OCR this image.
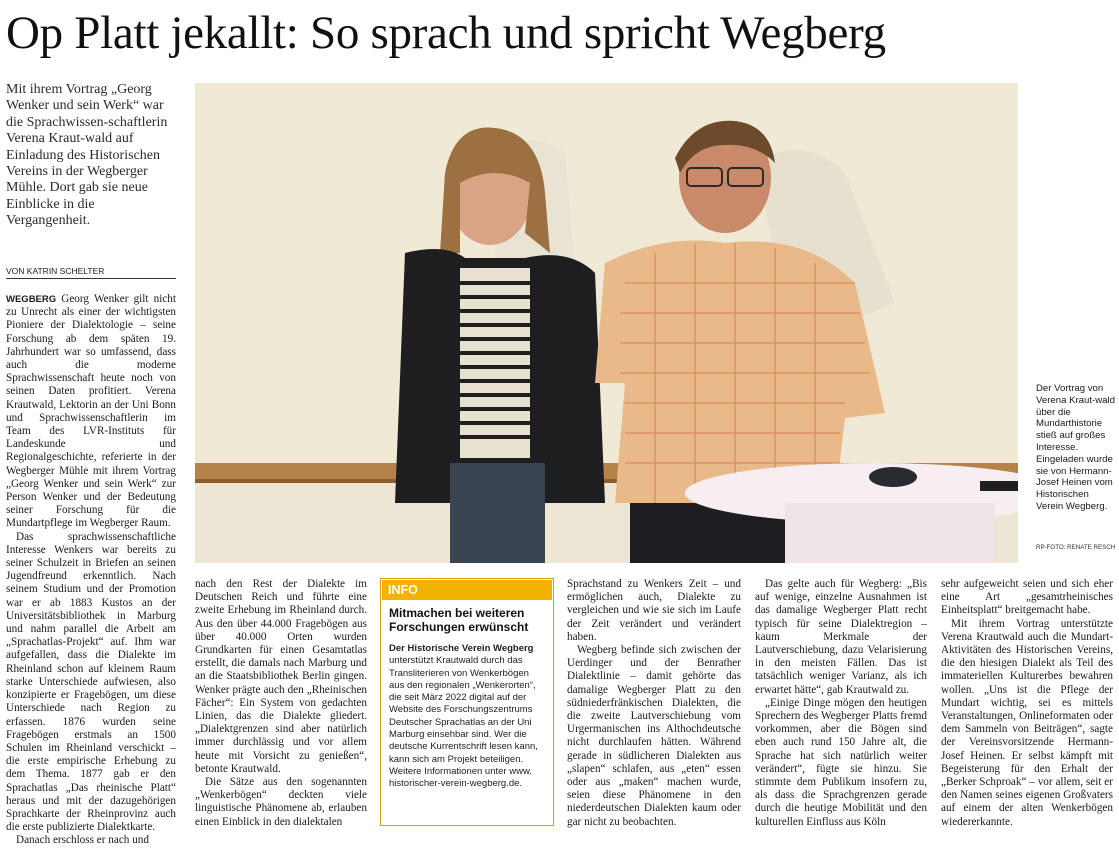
Op Platt jekallt: So sprach und spricht Wegberg
Mit ihrem Vortrag „Georg Wenker und sein Werk“ war die Sprachwissen-schaftlerin Verena Kraut-wald auf Einladung des Historischen Vereins in der Wegberger Mühle. Dort gab sie neue Einblicke in die Vergangenheit.
VON KATRIN SCHELTER

WEGBERG Georg Wenker gilt nicht zu Unrecht als einer der wichtigsten Pioniere der Dialektologie – seine Forschung ab dem späten 19. Jahrhundert war so umfassend, dass auch die moderne Sprachwissenschaft heute noch von seinen Daten profitiert. Verena Krautwald, Lektorin an der Uni Bonn und Sprachwissenschaftlerin im Team des LVR-Instituts für Landeskunde und Regionalgeschichte, referierte in der Wegberger Mühle mit ihrem Vortrag „Georg Wenker und sein Werk“ zur Person Wenker und der Bedeutung seiner Forschung für die Mundartpflege im Wegberger Raum.

Das sprachwissenschaftliche Interesse Wenkers war bereits zu seiner Schulzeit in Briefen an seinen Jugendfreund erkenntlich. Nach seinem Studium und der Promotion war er ab 1883 Kustos an der Universitätsbibliothek in Marburg und nahm parallel die Arbeit am „Sprachatlas-Projekt“ auf. Ihm war aufgefallen, dass die Dialekte im Rheinland schon auf kleinem Raum starke Unterschiede aufwiesen, also konzipierte er Fragebögen, um diese Unterschiede nach Region zu erfassen. 1876 wurden seine Fragebögen erstmals an 1500 Schulen im Rheinland verschickt – die erste empirische Erhebung zu dem Thema. 1877 gab er den Sprachatlas „Das rheinische Platt“ heraus und mit der dazugehörigen Sprachkarte der Rheinprovinz auch die erste publizierte Dialektkarte.

Danach erschloss er nach und

Der Vortrag von Verena Kraut-wald über die Mundarthistorie stieß auf großes Interesse. Eingeladen wurde sie von Hermann-Josef Heinen vom Historischen Verein Wegberg.
RP-FOTO: RENATE RESCH

nach den Rest der Dialekte im Deutschen Reich und führte eine zweite Erhebung im Rheinland durch. Aus den über 44.000 Fragebögen aus über 40.000 Orten wurden Grundkarten für einen Gesamtatlas erstellt, die damals nach Marburg und an die Staatsbibliothek Berlin gingen. Wenker prägte auch den „Rheinischen Fächer“: Ein System von gedachten Linien, das die Dialekte gliedert. „Dialektgrenzen sind aber natürlich immer durchlässig und vor allem heute mit Vorsicht zu genießen“, betonte Krautwald.

Die Sätze aus den sogenannten „Wenkerbögen“ deckten viele linguistische Phänomene ab, erlauben einen Einblick in den dialektalen

INFO
Mitmachen bei weiteren Forschungen erwünscht
Der Historische Verein Wegberg unterstützt Krautwald durch das Transliterieren von Wenkerbögen aus den regionalen „Wenkerorten“, die seit März 2022 digital auf der Website des Forschungszentrums Deutscher Sprachatlas an der Uni Marburg einsehbar sind. Wer die deutsche Kurrentschrift lesen kann, kann sich am Projekt beteiligen. Weitere Informationen unter www. historischer-verein-wegberg.de.

Sprachstand zu Wenkers Zeit – und ermöglichen auch, Dialekte zu vergleichen und wie sie sich im Laufe der Zeit verändert und verändert haben.

Wegberg befinde sich zwischen der Uerdinger und der Benrather Dialektlinie – damit gehörte das damalige Wegberger Platt zu den südniederfränkischen Dialekten, die die zweite Lautverschiebung vom Urgermanischen ins Althochdeutsche nicht durchlaufen hätten. Während gerade in südlicheren Dialekten aus „slapen“ schlafen, aus „eten“ essen oder aus „maken“ machen wurde, seien diese Phänomene in den niederdeutschen Dialekten kaum oder gar nicht zu beobachten.

Das gelte auch für Wegberg: „Bis auf wenige, einzelne Ausnahmen ist das damalige Wegberger Platt recht typisch für seine Dialektregion – kaum Merkmale der Lautverschiebung, dazu Velarisierung in den meisten Fällen. Das ist tatsächlich weniger Varianz, als ich erwartet hätte“, gab Krautwald zu.

„Einige Dinge mögen den heutigen Sprechern des Wegberger Platts fremd vorkommen, aber die Bögen sind eben auch rund 150 Jahre alt, die Sprache hat sich natürlich weiter verändert“, fügte sie hinzu. Sie stimmte dem Publikum insofern zu, als dass die Sprachgrenzen gerade durch die heutige Mobilität und den kulturellen Einfluss aus Köln

sehr aufgeweicht seien und sich eher eine Art „gesamtrheinisches Einheitsplatt“ breitgemacht habe.

Mit ihrem Vortrag unterstützte Verena Krautwald auch die Mundart-Aktivitäten des Historischen Vereins, die den hiesigen Dialekt als Teil des immateriellen Kulturerbes bewahren wollen. „Uns ist die Pflege der Mundart wichtig, sei es mittels Veranstaltungen, Onlineformaten oder dem Sammeln von Beiträgen“, sagte der Vereinsvorsitzende Hermann-Josef Heinen. Er selbst kämpft mit Begeisterung für den Erhalt der „Berker Schproak“ – vor allem, seit er den Namen seines eigenen Großvaters auf einem der alten Wenkerbögen wiedererkannte.
